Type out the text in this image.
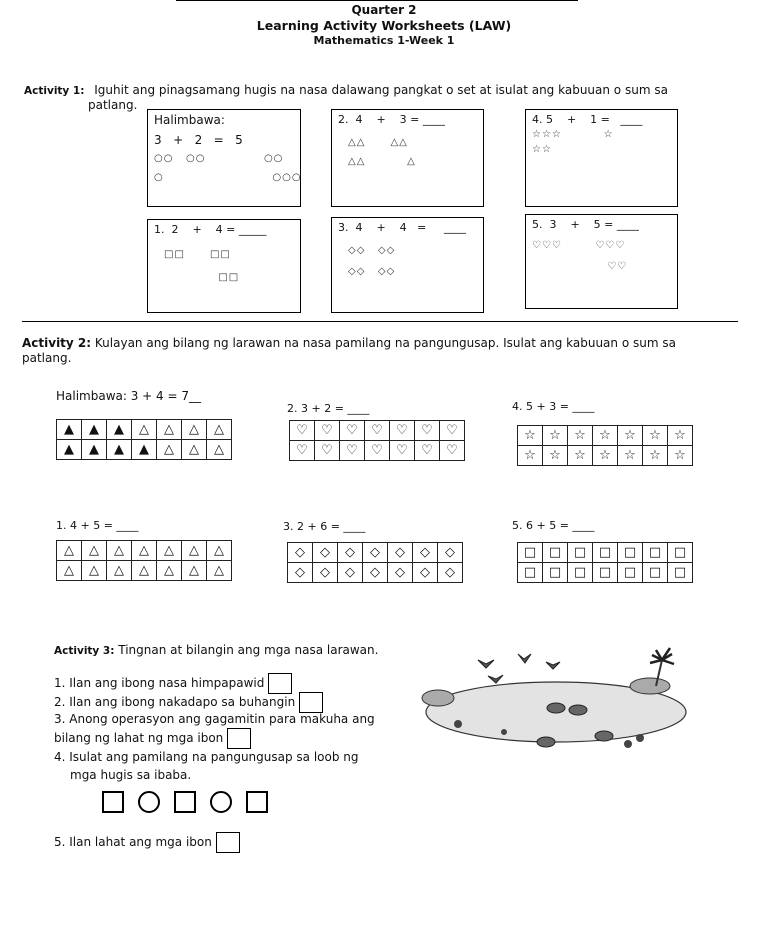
Quarter 2
Learning Activity Worksheets (LAW)
Mathematics 1-Week 1
Activity 1: Iguhit ang pinagsamang hugis na nasa dalawang pangkat o set at isulat ang kabuuan o sum sa
patlang.
Halimbawa:
3   +   2   =   5
○○   ○○              ○○
○                          ○○○
2.  4    +    3 = ____
△△      △△
△△          △
4. 5    +    1 =   ____
☆☆☆          ☆
☆☆
1.  2    +    4 = _____
□□      □□
□□
3.  4    +    4   =     ____
◇◇   ◇◇
◇◇   ◇◇
5.  3    +    5 = ____
♡♡♡        ♡♡♡
♡♡
Activity 2: Kulayan ang bilang ng larawan na nasa pamilang na pangungusap. Isulat ang kabuuan o sum sa
patlang.
Halimbawa: 3 + 4 = 7__
▲	▲	▲	△	△	△	△
▲	▲	▲	▲	△	△	△
2. 3 + 2 = ____
♡	♡	♡	♡	♡	♡	♡
♡	♡	♡	♡	♡	♡	♡
4. 5 + 3 = ____
☆	☆	☆	☆	☆	☆	☆
☆	☆	☆	☆	☆	☆	☆
1. 4 + 5 = ____
△	△	△	△	△	△	△
△	△	△	△	△	△	△
3. 2 + 6 = ____
◇	◇	◇	◇	◇	◇	◇
◇	◇	◇	◇	◇	◇	◇
5. 6 + 5 = ____
□	□	□	□	□	□	□
□	□	□	□	□	□	□
Activity 3: Tingnan at bilangin ang mga nasa larawan.
1. Ilan ang ibong nasa himpapawid
2. Ilan ang ibong nakadapo sa buhangin
3. Anong operasyon ang gagamitin para makuha ang
bilang ng lahat ng mga ibon
4. Isulat ang pamilang na pangungusap sa loob ng
mga hugis sa ibaba.
5. Ilan lahat ang mga ibon
